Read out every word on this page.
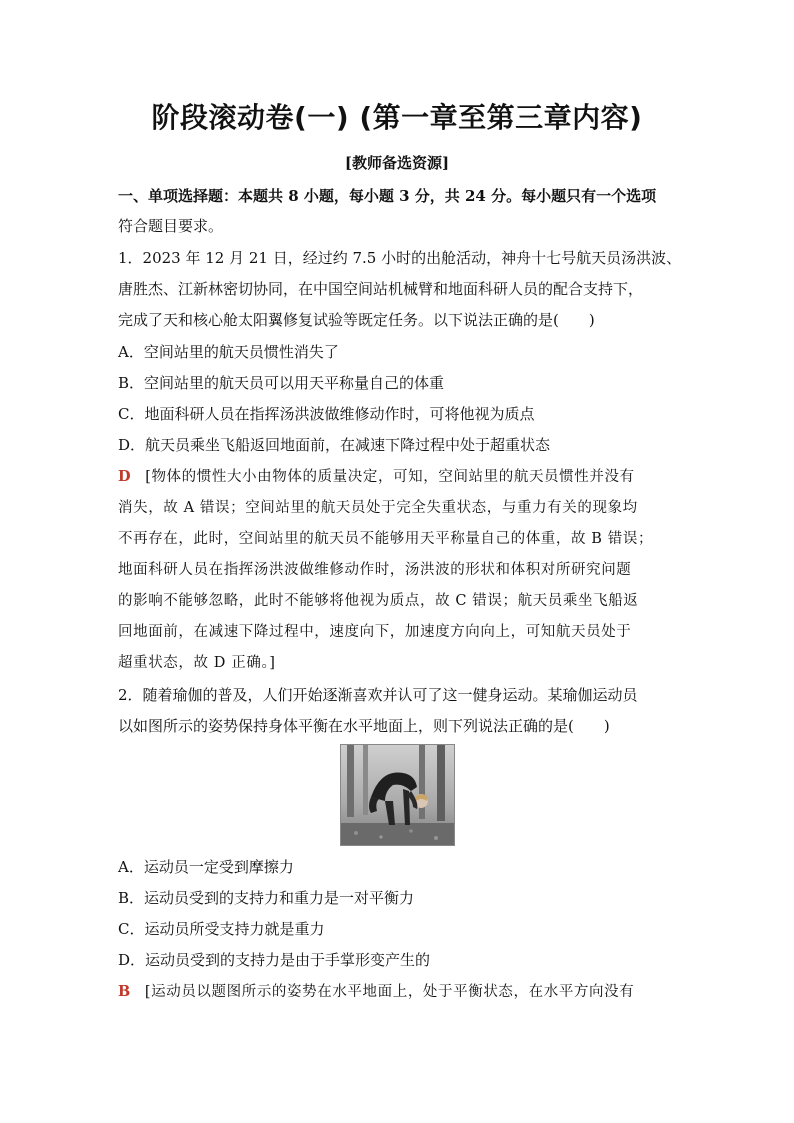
阶段滚动卷(一) (第一章至第三章内容)
[教师备选资源]
一、单项选择题：本题共 8 小题，每小题 3 分，共 24 分。每小题只有一个选项
符合题目要求。
1．2023 年 12 月 21 日，经过约 7.5 小时的出舱活动，神舟十七号航天员汤洪波、
唐胜杰、江新林密切协同，在中国空间站机械臂和地面科研人员的配合支持下，
完成了天和核心舱太阳翼修复试验等既定任务。以下说法正确的是(　　)
A．空间站里的航天员惯性消失了
B．空间站里的航天员可以用天平称量自己的体重
C．地面科研人员在指挥汤洪波做维修动作时，可将他视为质点
D．航天员乘坐飞船返回地面前，在减速下降过程中处于超重状态
D [物体的惯性大小由物体的质量决定，可知，空间站里的航天员惯性并没有
消失，故 A 错误；空间站里的航天员处于完全失重状态，与重力有关的现象均
不再存在，此时，空间站里的航天员不能够用天平称量自己的体重，故 B 错误；
地面科研人员在指挥汤洪波做维修动作时，汤洪波的形状和体积对所研究问题
的影响不能够忽略，此时不能够将他视为质点，故 C 错误；航天员乘坐飞船返
回地面前，在减速下降过程中，速度向下，加速度方向向上，可知航天员处于
超重状态，故 D 正确。]
2．随着瑜伽的普及，人们开始逐渐喜欢并认可了这一健身运动。某瑜伽运动员
以如图所示的姿势保持身体平衡在水平地面上，则下列说法正确的是(　　)
A．运动员一定受到摩擦力
B．运动员受到的支持力和重力是一对平衡力
C．运动员所受支持力就是重力
D．运动员受到的支持力是由于手掌形变产生的
B [运动员以题图所示的姿势在水平地面上，处于平衡状态，在水平方向没有
